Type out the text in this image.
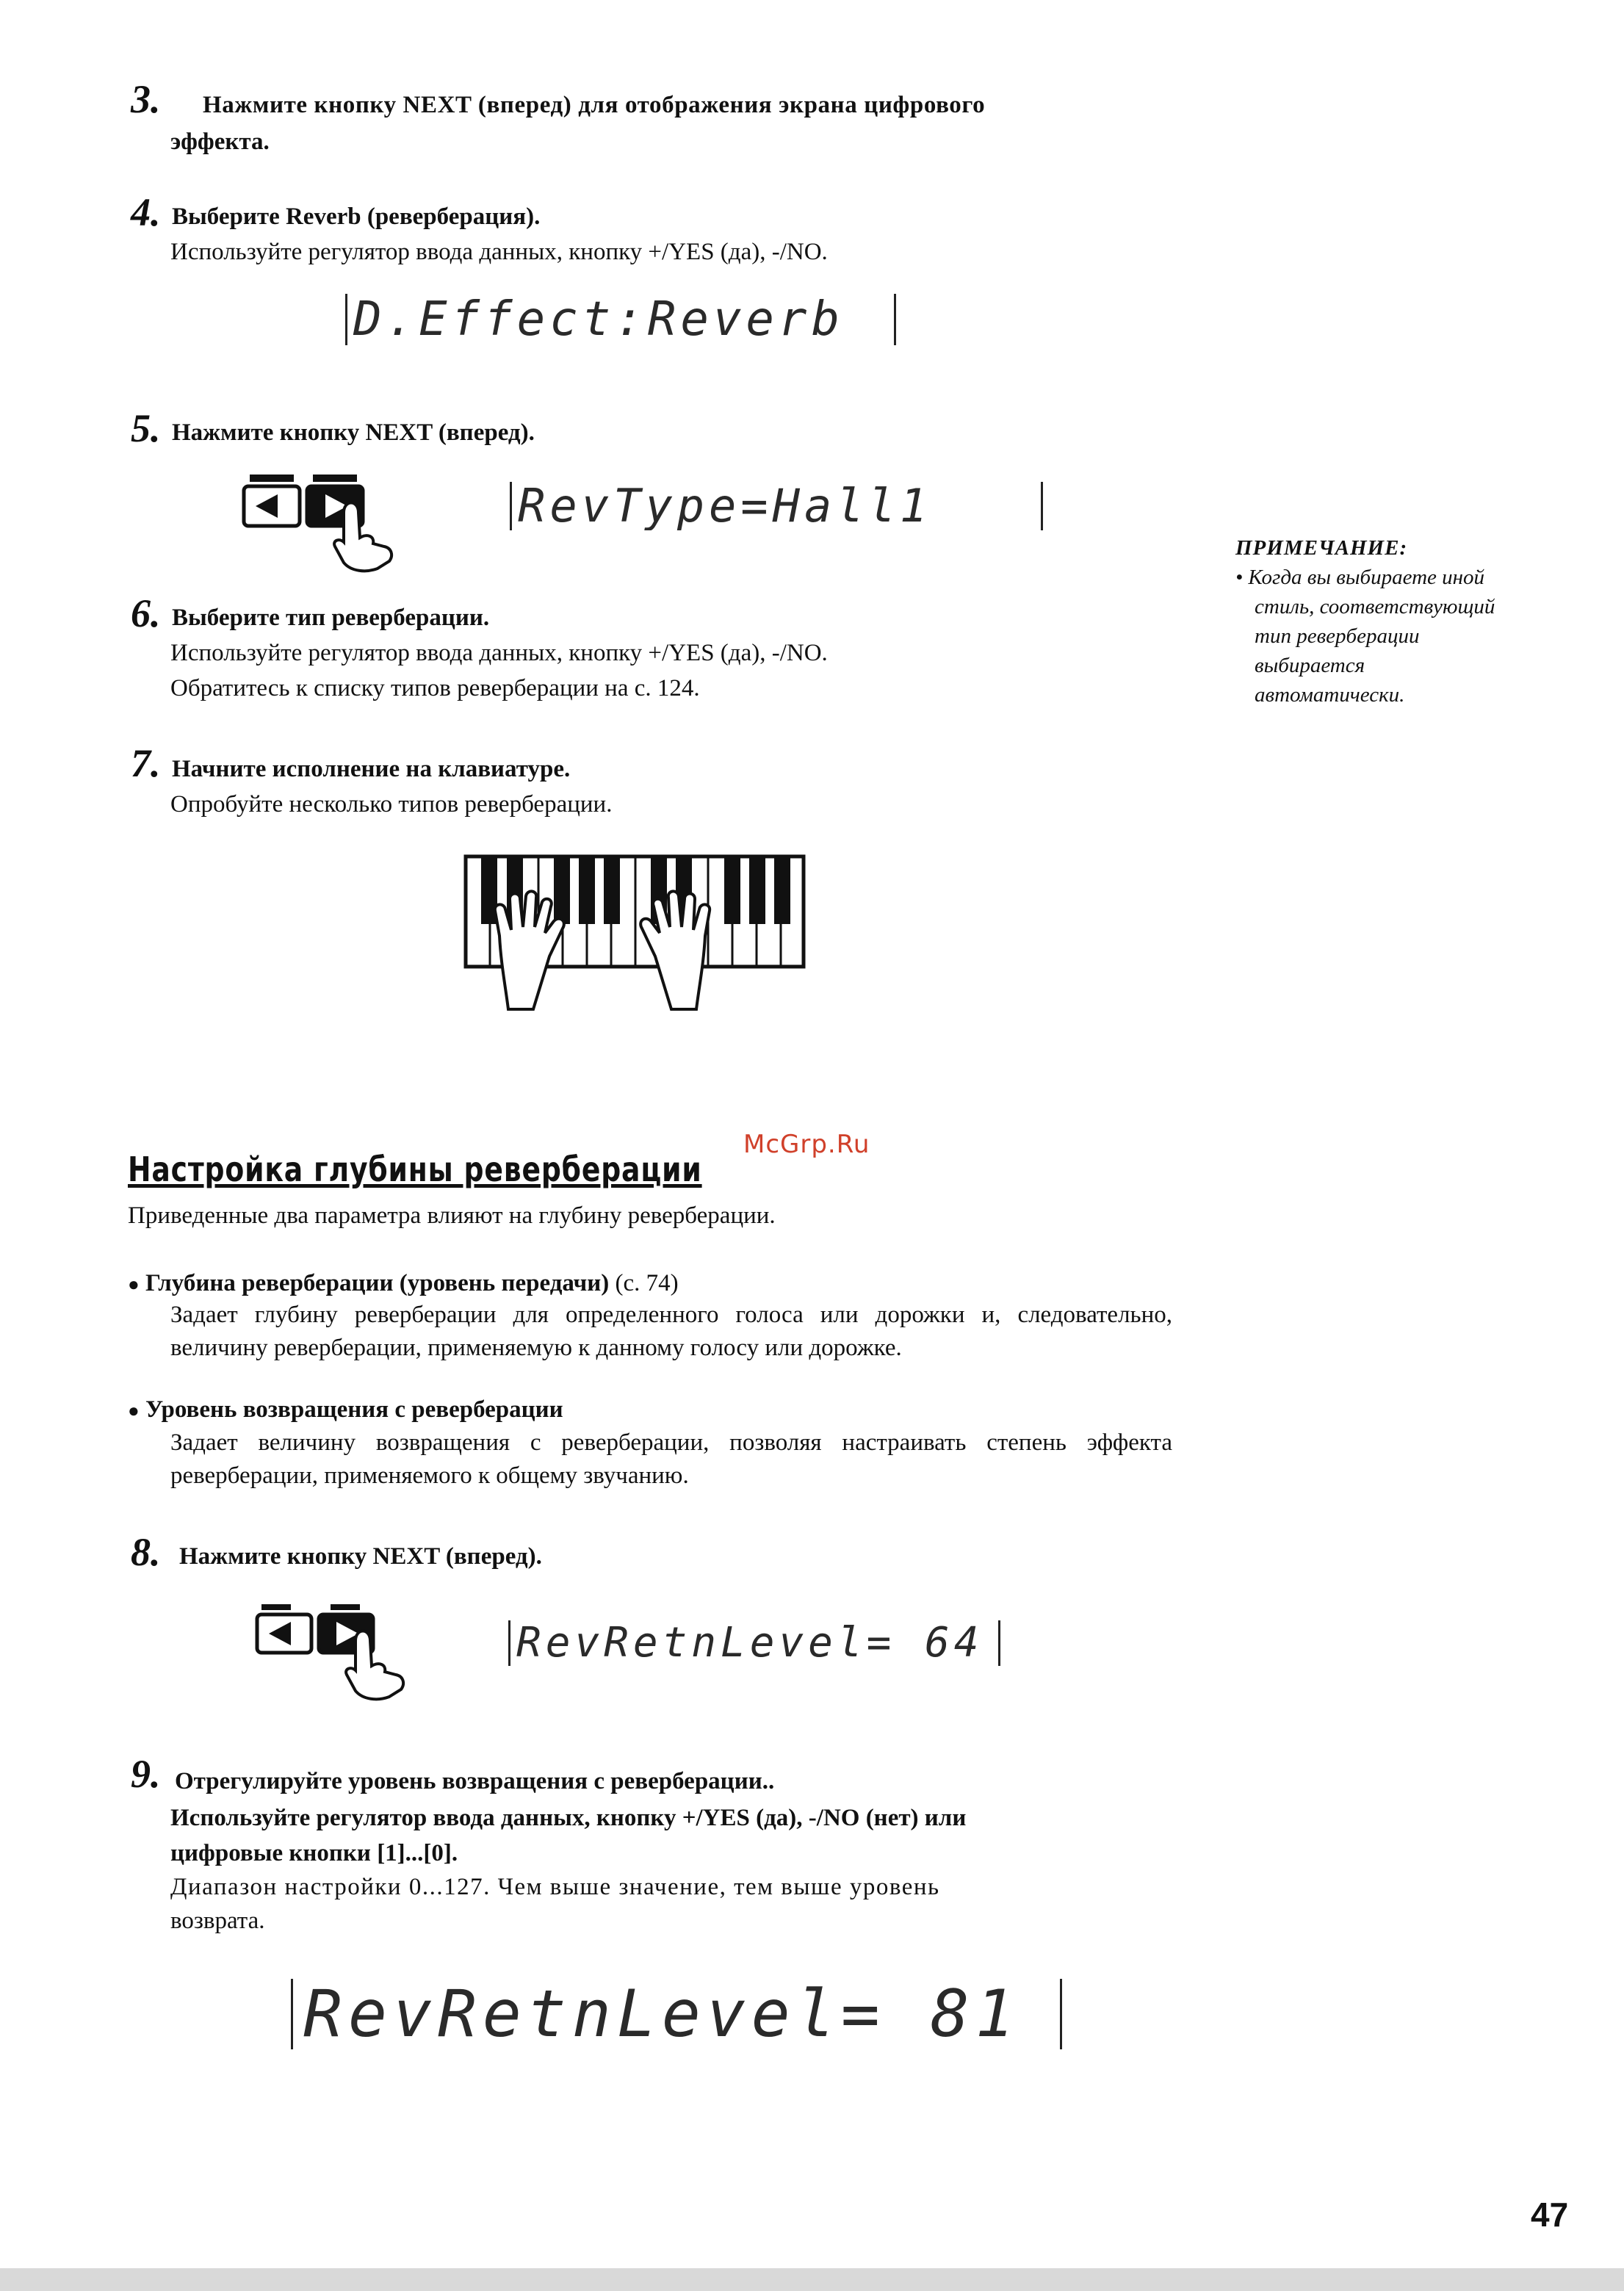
3. Нажмите кнопку NEXT (вперед) для отображения экрана цифрового
эффекта.
4. Выберите Reverb (реверберация).
Используйте регулятор ввода данных, кнопку +/YES (да), -/NO.
D.Effect:Reverb
5. Нажмите кнопку NEXT (вперед).
RevType=Hall1
ПРИМЕЧАНИЕ:
• Когда вы выбираете иной
стиль, соответствующий
тип реверберации
выбирается
автоматически.
6. Выберите тип реверберации.
Используйте регулятор ввода данных, кнопку +/YES (да), -/NO.
Обратитесь к списку типов реверберации на с. 124.
7. Начните исполнение на клавиатуре.
Опробуйте несколько типов реверберации.
McGrp.Ru
Настройка глубины реверберации
Приведенные два параметра влияют на глубину реверберации.
● Глубина реверберации (уровень передачи) (с. 74)
Задает глубину реверберации для определенного голоса или дорожки и, следовательно, величину реверберации, применяемую к данному голосу или дорожке.
● Уровень возвращения с реверберации
Задает величину возвращения с реверберации, позволяя настраивать степень эффекта реверберации, применяемого к общему звучанию.
8. Нажмите кнопку NEXT (вперед).
RevRetnLevel= 64
9. Отрегулируйте уровень возвращения с реверберации..
Используйте регулятор ввода данных, кнопку +/YES (да), -/NO (нет) или
цифровые кнопки [1]...[0].
Диапазон настройки 0...127. Чем выше значение, тем выше уровень
возврата.
RevRetnLevel= 81
47
